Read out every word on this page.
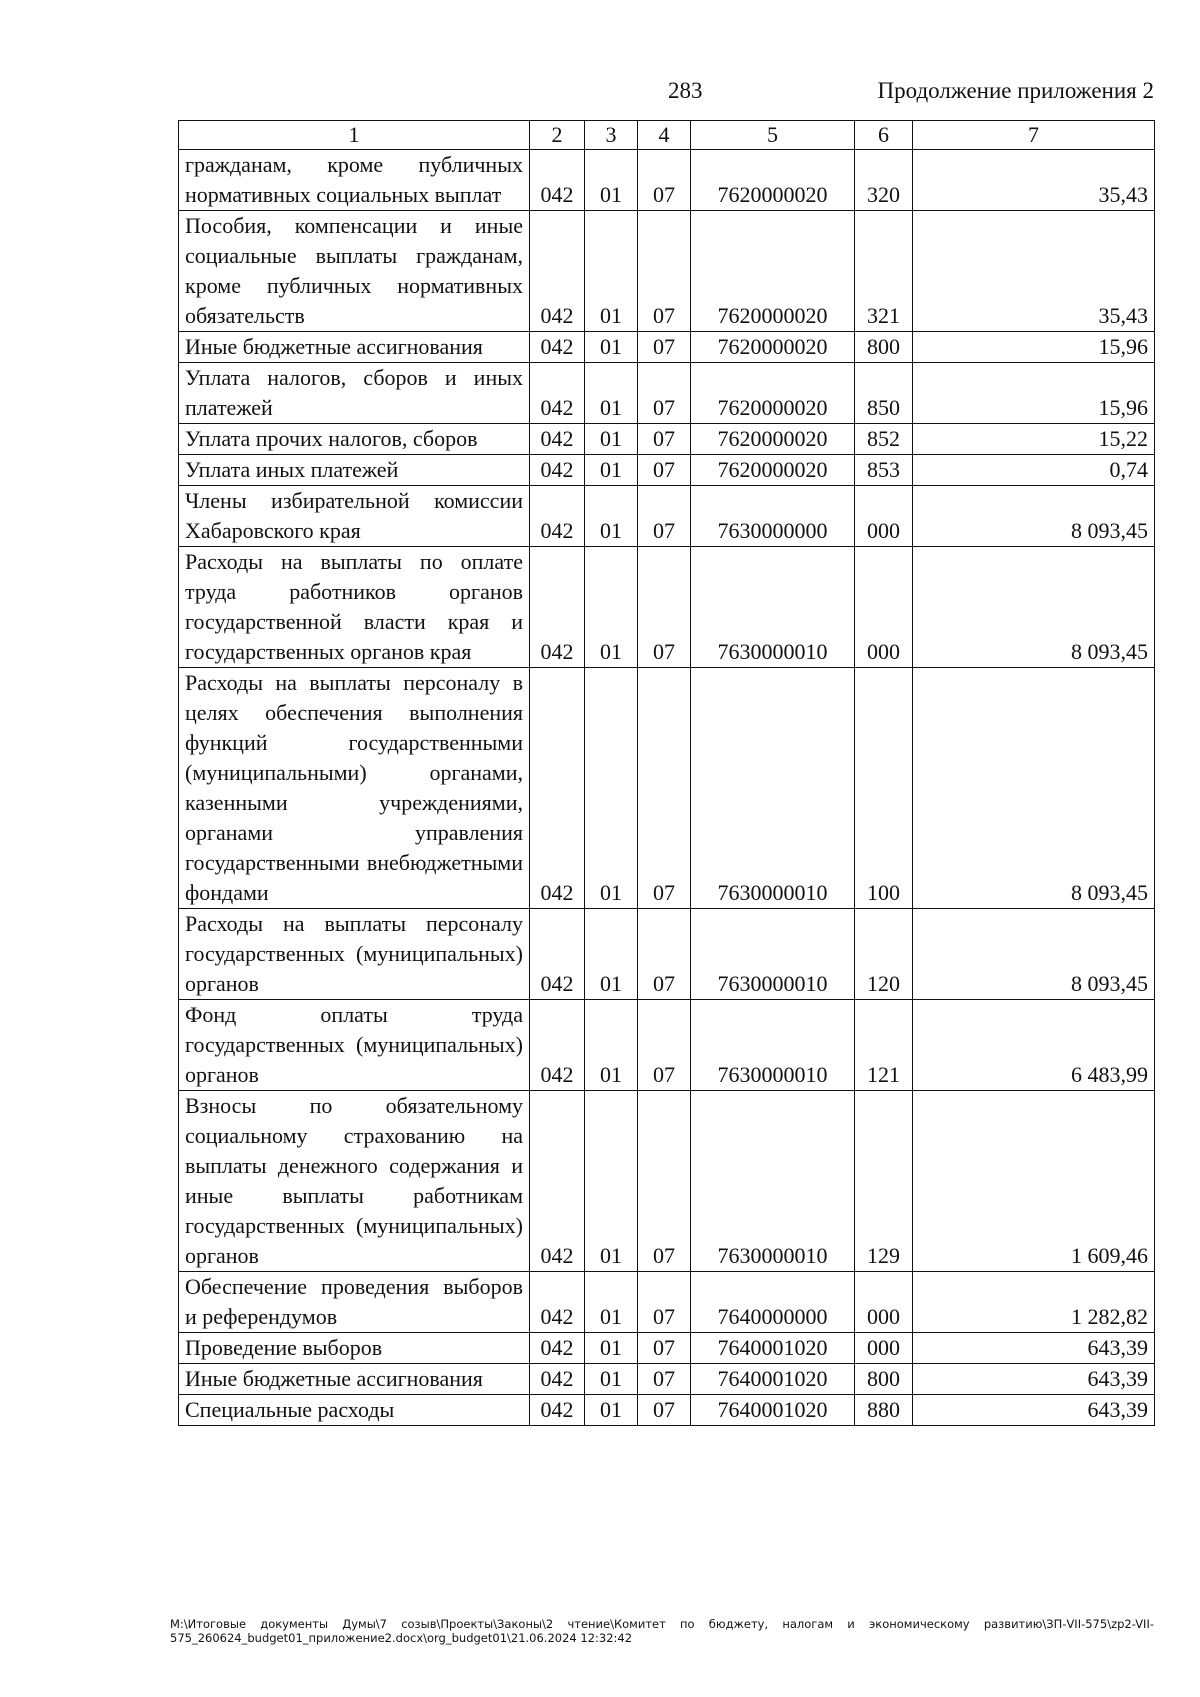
283	Продолжение приложения 2
1	2	3	4	5	6	7
гражданам, кроме публичных нормативных социальных выплат	042	01	07	7620000020	320	35,43
Пособия, компенсации и иные социальные выплаты гражданам, кроме публичных нормативных обязательств	042	01	07	7620000020	321	35,43
Иные бюджетные ассигнования	042	01	07	7620000020	800	15,96
Уплата налогов, сборов и иных платежей	042	01	07	7620000020	850	15,96
Уплата прочих налогов, сборов	042	01	07	7620000020	852	15,22
Уплата иных платежей	042	01	07	7620000020	853	0,74
Члены избирательной комиссии Хабаровского края	042	01	07	7630000000	000	8 093,45
Расходы на выплаты по оплате труда работников органов государственной власти края и государственных органов края	042	01	07	7630000010	000	8 093,45
Расходы на выплаты персоналу в целях обеспечения выполнения функций государственными (муниципальными) органами, казенными учреждениями, органами управления государственными внебюджетными фондами	042	01	07	7630000010	100	8 093,45
Расходы на выплаты персоналу государственных (муниципальных) органов	042	01	07	7630000010	120	8 093,45
Фонд оплаты труда государственных (муниципальных) органов	042	01	07	7630000010	121	6 483,99
Взносы по обязательному социальному страхованию на выплаты денежного содержания и иные выплаты работникам государственных (муниципальных) органов	042	01	07	7630000010	129	1 609,46
Обеспечение проведения выборов и референдумов	042	01	07	7640000000	000	1 282,82
Проведение выборов	042	01	07	7640001020	000	643,39
Иные бюджетные ассигнования	042	01	07	7640001020	800	643,39
Специальные расходы	042	01	07	7640001020	880	643,39
M:\Итоговые документы Думы\7 созыв\Проекты\Законы\2 чтение\Комитет по бюджету, налогам и экономическому развитию\ЗП-VII-575\zp2-VII-575_260624_budget01_приложение2.docx\org_budget01\21.06.2024 12:32:42
